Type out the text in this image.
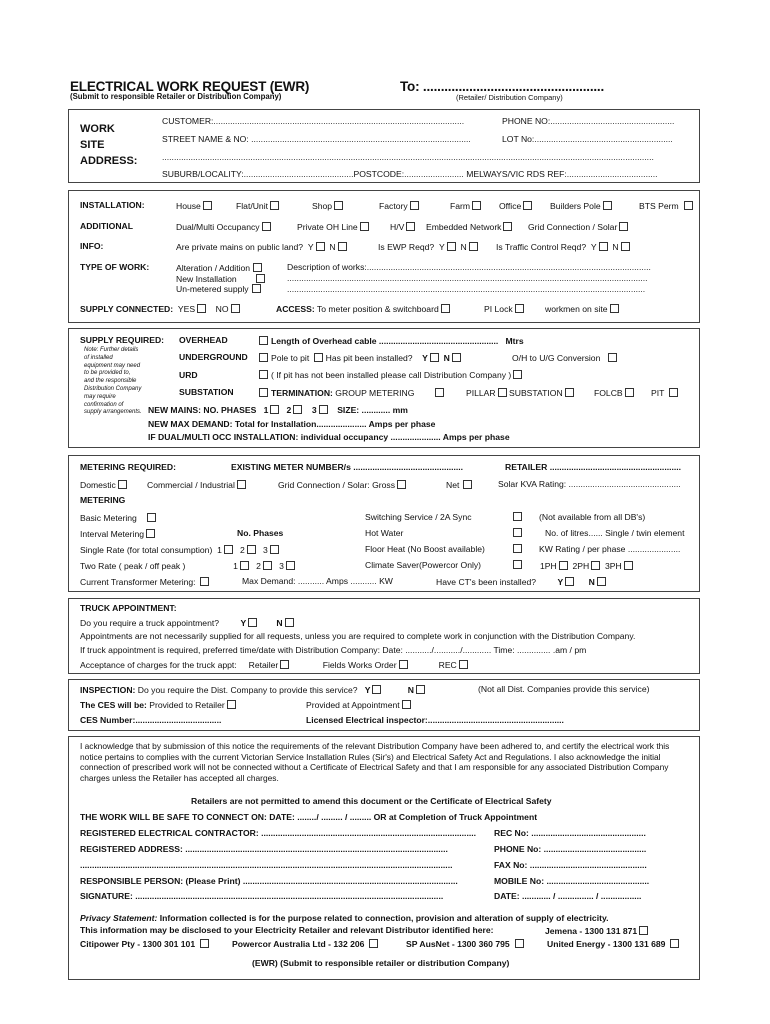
ELECTRICAL WORK REQUEST (EWR)
(Submit to responsible Retailer or Distribution Company)
To: ...................................................
(Retailer/ Distribution Company)
WORK
SITE
ADDRESS:
CUSTOMER:.........................................................................................................	PHONE NO:....................................................
STREET NAME & NO: ............................................................................................	LOT No:..........................................................
..............................................................................................................................................................................................................
SUBURB/LOCALITY:..............................................POSTCODE:......................... MELWAYS/VIC RDS REF:......................................
INSTALLATION:	House	Flat/Unit	Shop	Factory	Farm	Office	Builders Pole	BTS Perm
ADDITIONAL	Dual/Multi Occupancy	Private OH Line	H/V	Embedded Network	Grid Connection / Solar
INFO:	Are private mains on public land? Y N	Is EWP Reqd? Y N	Is Traffic Control Reqd? Y N
TYPE OF WORK:	Alteration / Addition
New Installation
Un-metered supply
Description of works:.......................................................................................................................
.......................................................................................................................................................
......................................................................................................................................................
SUPPLY CONNECTED: YES NO	ACCESS: To meter position & switchboard	PI Lock	workmen on site
SUPPLY REQUIRED: OVERHEAD	Length of Overhead cable .................................................. Mtrs
Note: Further details of installed equipment may need to be provided to, and the responsible Distribution Company may require confirmation of supply arrangements.
UNDERGROUND	Pole to pit Has pit been installed? Y N	O/H to U/G Conversion
URD	( If pit has not been installed please call Distribution Company )
SUBSTATION	TERMINATION: GROUP METERING	PILLAR SUBSTATION	FOLCB	PIT
NEW MAINS: NO. PHASES 1 2 3 SIZE: ............ mm
NEW MAX DEMAND: Total for Installation..................... Amps per phase
IF DUAL/MULTI OCC INSTALLATION: individual occupancy ..................... Amps per phase
METERING REQUIRED:	EXISTING METER NUMBER/s ..............................................	RETAILER .......................................................
Domestic	Commercial / Industrial	Grid Connection / Solar: Gross	Net	Solar KVA Rating: ...............................................
METERING
Basic Metering	Switching Service / 2A Sync	(Not available from all DB's)
Interval Metering	No. Phases	Hot Water	No. of litres...... Single / twin element
Single Rate (for total consumption)  1   2   3	Floor Heat (No Boost available)	KW Rating / per phase ......................
Two Rate ( peak / off peak )                    1   2   3	Climate Saver(Powercor Only)	1PH 2PH 3PH
Current Transformer Metering:	Max Demand: ........... Amps ........... KW	Have CT's been installed?	Y	N
TRUCK APPOINTMENT:
Do you require a truck appointment?	Y	N
Appointments are not necessarily supplied for all requests, unless you are required to complete work in conjunction with the Distribution Company.
If truck appointment is required, preferred time/date with Distribution Company: Date: .........../.........../............ Time: .............. .am / pm
Acceptance of charges for the truck appt: Retailer	Fields Works Order	REC
INSPECTION: Do you require the Dist. Company to provide this service? Y	N	(Not all Dist. Companies provide this service)
The CES will be: Provided to Retailer	Provided at Appointment
CES Number:....................................	Licensed Electrical inspector:.........................................................
I acknowledge that by submission of this notice the requirements of the relevant Distribution Company have been adhered to, and certify the electrical work this notice pertains to complies with the current Victorian Service Installation Rules (Sir's) and Electrical Safety Act and Regulations. I also acknowledge the initial connection of prescribed work will not be connected without a Certificate of Electrical Safety and that I am responsible for any associated Distribution Company charges unless the Retailer has accepted all charges.
Retailers are not permitted to amend this document or the Certificate of Electrical Safety
THE WORK WILL BE SAFE TO CONNECT ON: DATE: ......../ ......... / ......... OR at Completion of Truck Appointment
REGISTERED ELECTRICAL CONTRACTOR: .......................................................................................... REC No: ................................................
REGISTERED ADDRESS: ..............................................................................................................	PHONE No: ...........................................
............................................................................................................................................................	FAX No: .................................................
RESPONSIBLE PERSON: (Please Print) ..........................................................................................	MOBILE No: ...........................................
SIGNATURE: .................................................................................................................................	DATE: ............ / ............... / .................
Privacy Statement: Information collected is for the purpose related to connection, provision and alteration of supply of electricity.
This information may be disclosed to your Electricity Retailer and relevant Distributor identified here:	Jemena - 1300 131 871
Citipower Pty - 1300 301 101	Powercor Australia Ltd - 132 206	SP AusNet - 1300 360 795	United Energy - 1300 131 689
(EWR) (Submit to responsible retailer or distribution Company)
